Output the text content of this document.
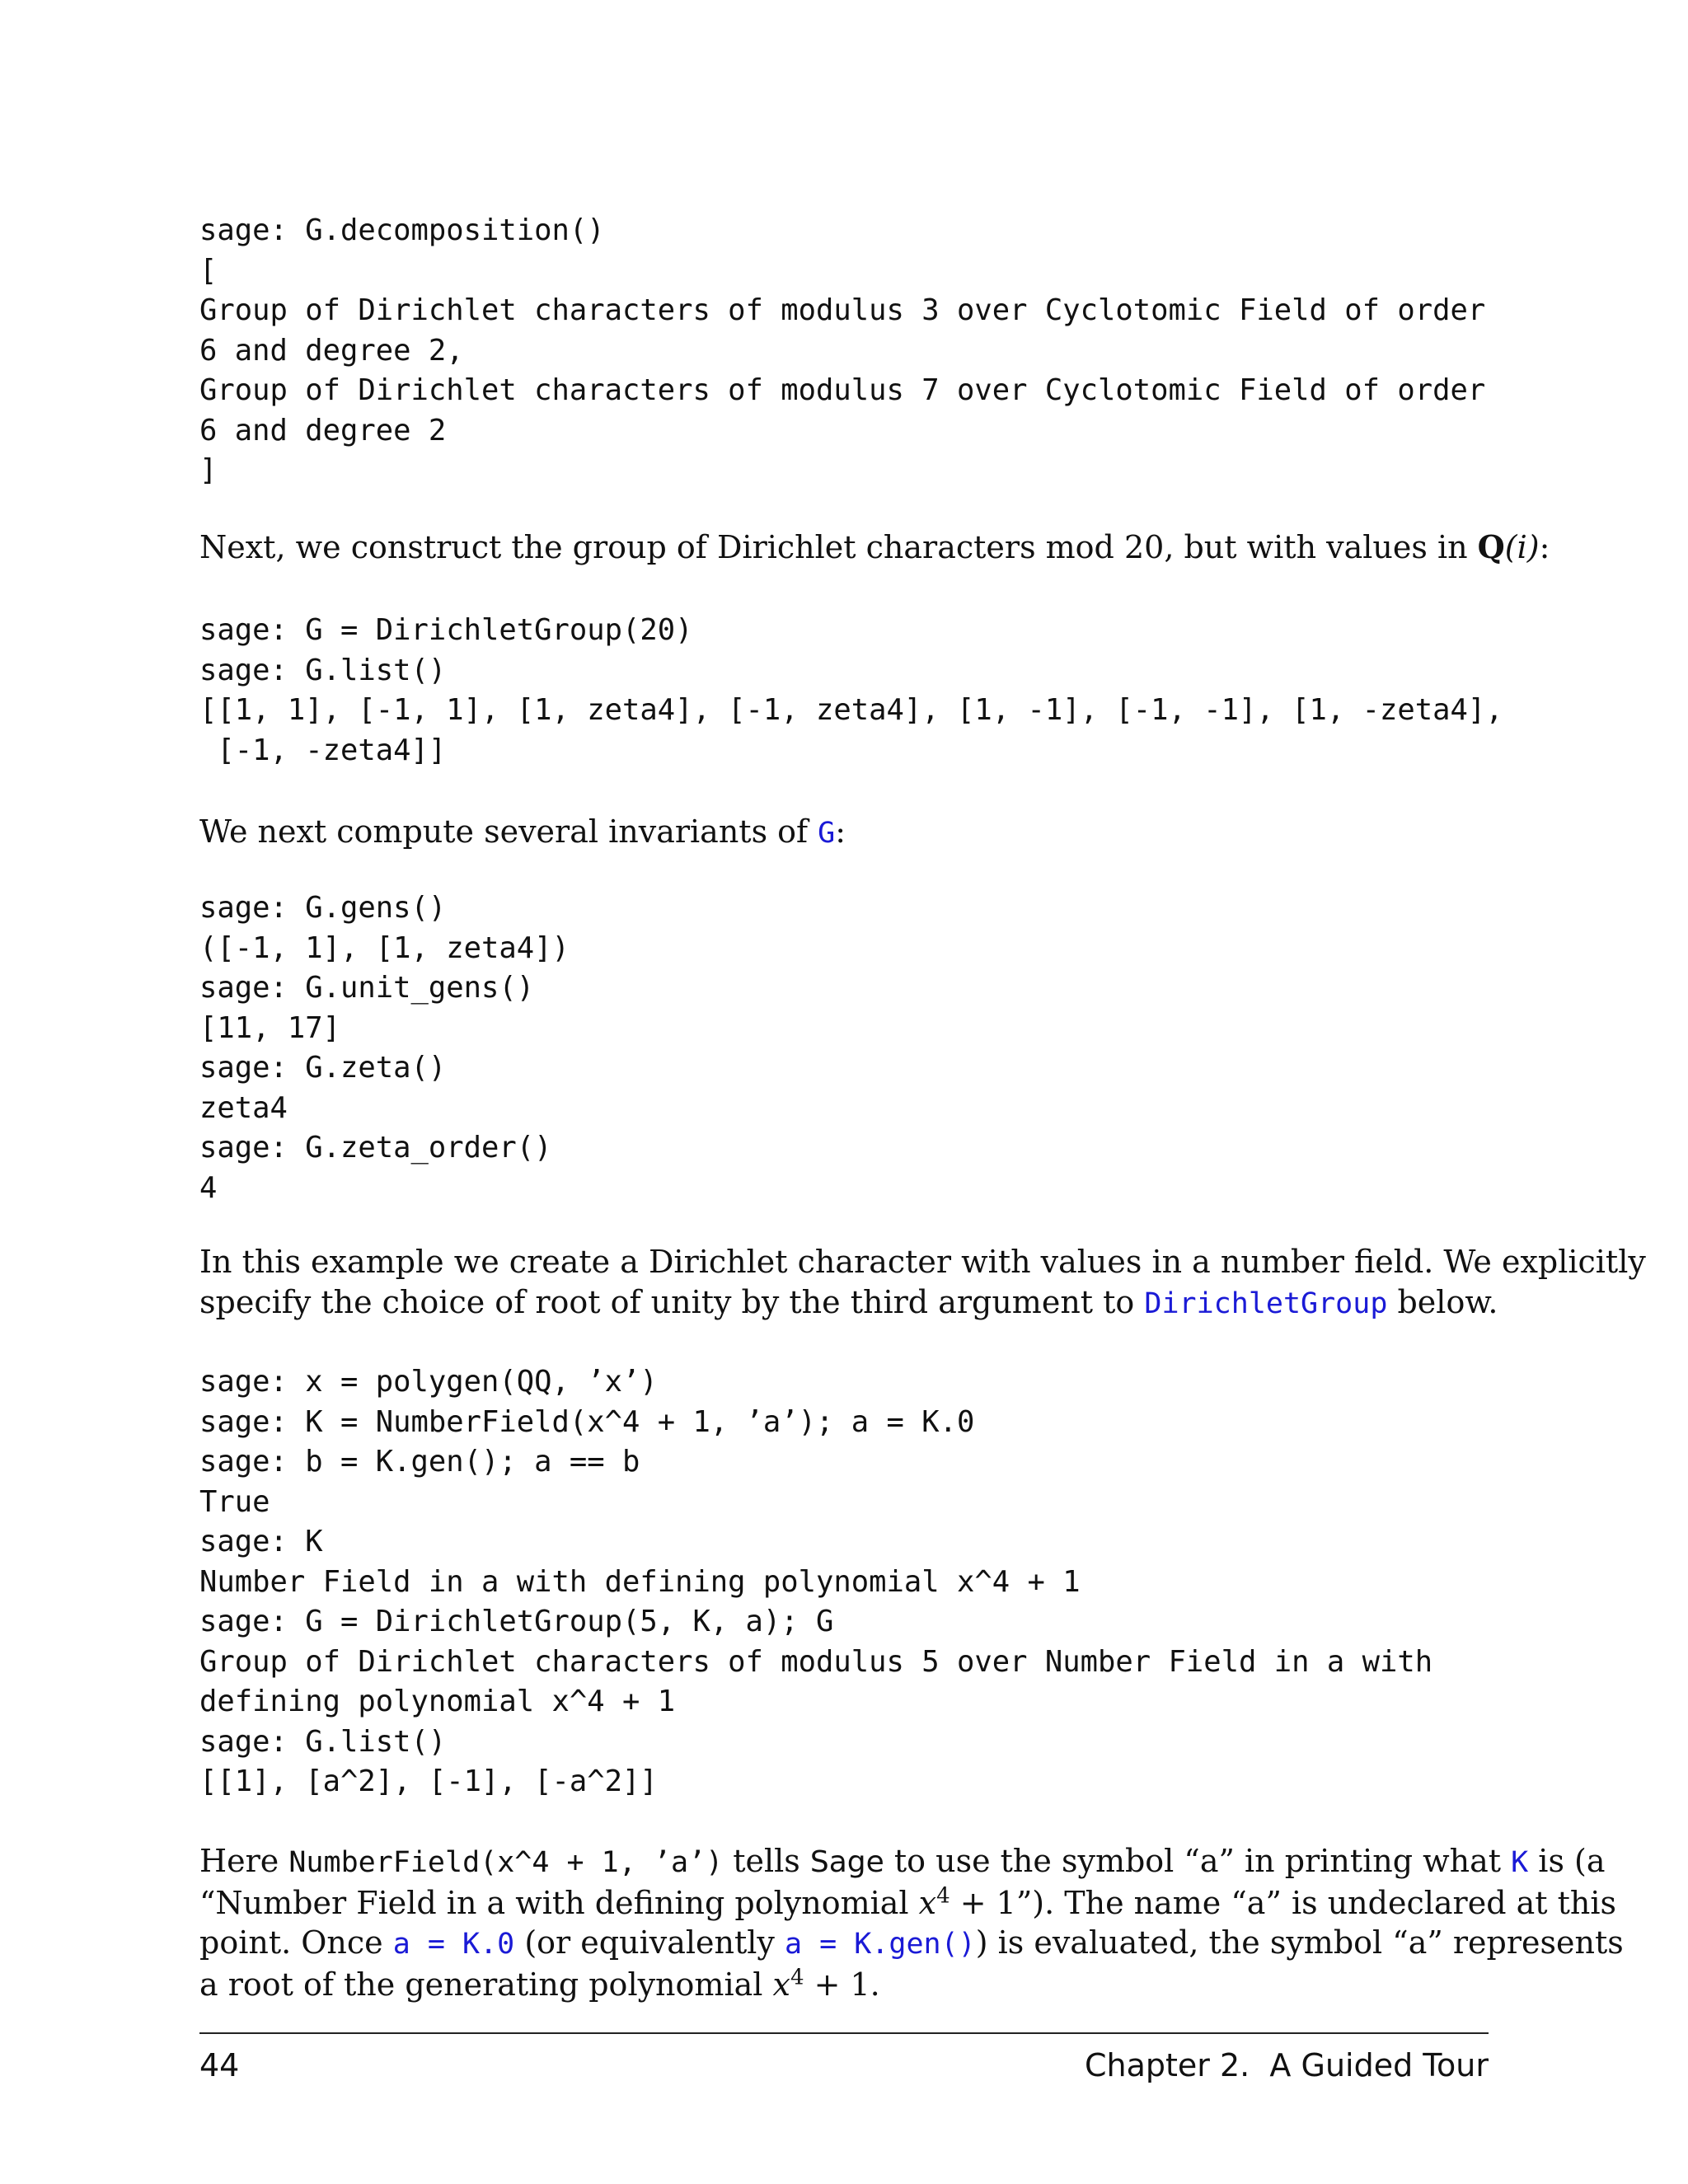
sage: G.decomposition()
[
Group of Dirichlet characters of modulus 3 over Cyclotomic Field of order
6 and degree 2,
Group of Dirichlet characters of modulus 7 over Cyclotomic Field of order
6 and degree 2
]
Next, we construct the group of Dirichlet characters mod 20, but with values in Q(i):
sage: G = DirichletGroup(20)
sage: G.list()
[[1, 1], [-1, 1], [1, zeta4], [-1, zeta4], [1, -1], [-1, -1], [1, -zeta4],
[-1, -zeta4]]
We next compute several invariants of G:
sage: G.gens()
([-1, 1], [1, zeta4])
sage: G.unit_gens()
[11, 17]
sage: G.zeta()
zeta4
sage: G.zeta_order()
4
In this example we create a Dirichlet character with values in a number field. We explicitly
specify the choice of root of unity by the third argument to DirichletGroup below.
sage: x = polygen(QQ, ’x’)
sage: K = NumberField(x^4 + 1, ’a’); a = K.0
sage: b = K.gen(); a == b
True
sage: K
Number Field in a with defining polynomial x^4 + 1
sage: G = DirichletGroup(5, K, a); G
Group of Dirichlet characters of modulus 5 over Number Field in a with
defining polynomial x^4 + 1
sage: G.list()
[[1], [a^2], [-1], [-a^2]]
Here NumberField(x^4 + 1, ’a’) tells Sage to use the symbol “a” in printing what K is (a
“Number Field in a with defining polynomial $x^4$ + 1”). The name “a” is undeclared at this
point. Once a = K.0 (or equivalently a = K.gen()) is evaluated, the symbol “a” represents
a root of the generating polynomial $x^4 + 1$.
44	Chapter 2.  A Guided Tour
